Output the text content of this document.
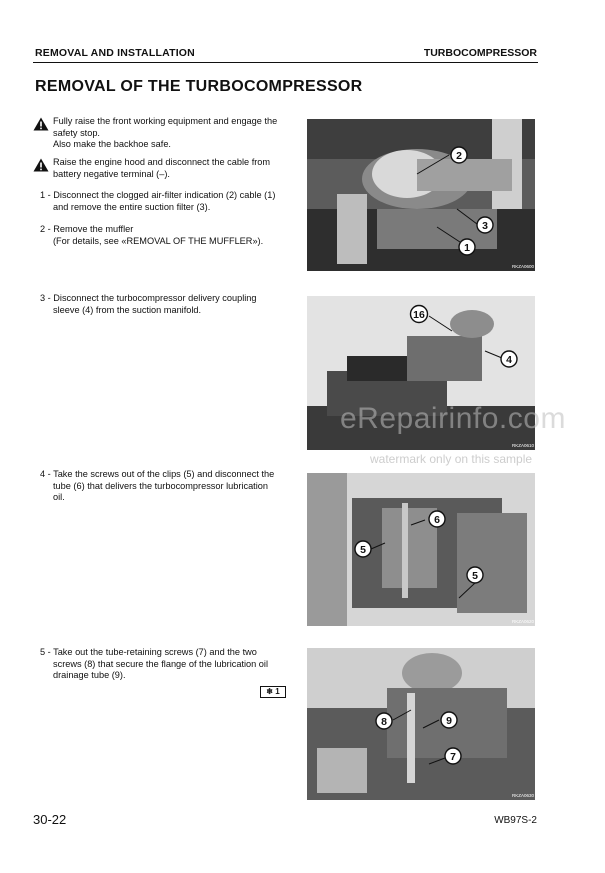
REMOVAL AND INSTALLATION	TURBOCOMPRESSOR
REMOVAL OF THE TURBOCOMPRESSOR
Fully raise the front working equipment and engage the
safety stop.
Also make the backhoe safe.
Raise the engine hood and disconnect the cable from
battery negative terminal (–).
1 - Disconnect the clogged air-filter indication (2) cable (1)
and remove the entire suction filter (3).
2 - Remove the muffler
(For details, see «REMOVAL OF THE MUFFLER»).
3 - Disconnect the turbocompressor delivery coupling
sleeve (4) from the suction manifold.
4 - Take the screws out of the clips (5) and disconnect the
tube (6) that delivers the turbocompressor lubrication
oil.
5 - Take out the tube-retaining screws (7) and the two
screws (8) that secure the flange of the lubrication oil
drainage tube (9).
❄ 1
2
3
1
RKZA0600
16
4
RKZA0610
6
5
5
RKZA0620
8	9
7
RKZA0630
eRepairinfo.com
watermark only on this sample
30-22	WB97S-2
